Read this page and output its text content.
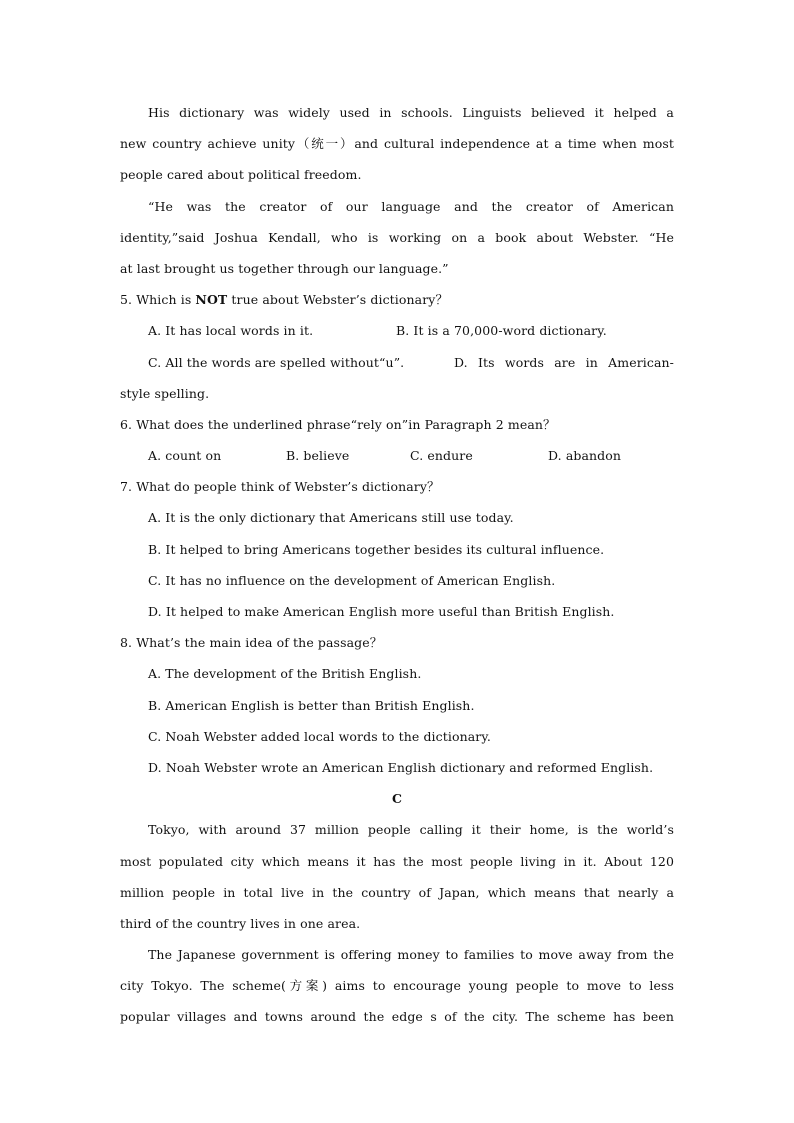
His dictionary was widely used in schools. Linguists believed it helped a
new country achieve unity（统一）and cultural independence at a time when most
people cared about political freedom.
“He was the creator of our language and the creator of American
identity,”said Joshua Kendall, who is working on a book about Webster. “He
at last brought us together through our language.”
5. Which is NOT true about Webster’s dictionary？
A. It has local words in it.	B. It is a 70,000-word dictionary.
C. All the words are spelled without“u”.	D. Its words are in American-
style spelling.
6. What does the underlined phrase“rely on”in Paragraph 2 mean？
A. count on	B. believe	C. endure	D. abandon
7. What do people think of Webster’s dictionary？
A. It is the only dictionary that Americans still use today.
B. It helped to bring Americans together besides its cultural influence.
C. It has no influence on the development of American English.
D. It helped to make American English more useful than British English.
8. What’s the main idea of the passage？
A. The development of the British English.
B. American English is better than British English.
C. Noah Webster added local words to the dictionary.
D. Noah Webster wrote an American English dictionary and reformed English.
C
Tokyo, with around 37 million people calling it their home, is the world’s
most populated city which means it has the most people living in it. About 120
million people in total live in the country of Japan, which means that nearly a
third of the country lives in one area.
The Japanese government is offering money to families to move away from the
city Tokyo. The scheme(方案) aims to encourage young people to move to less
popular villages and towns around the edge s of the city. The scheme has been
